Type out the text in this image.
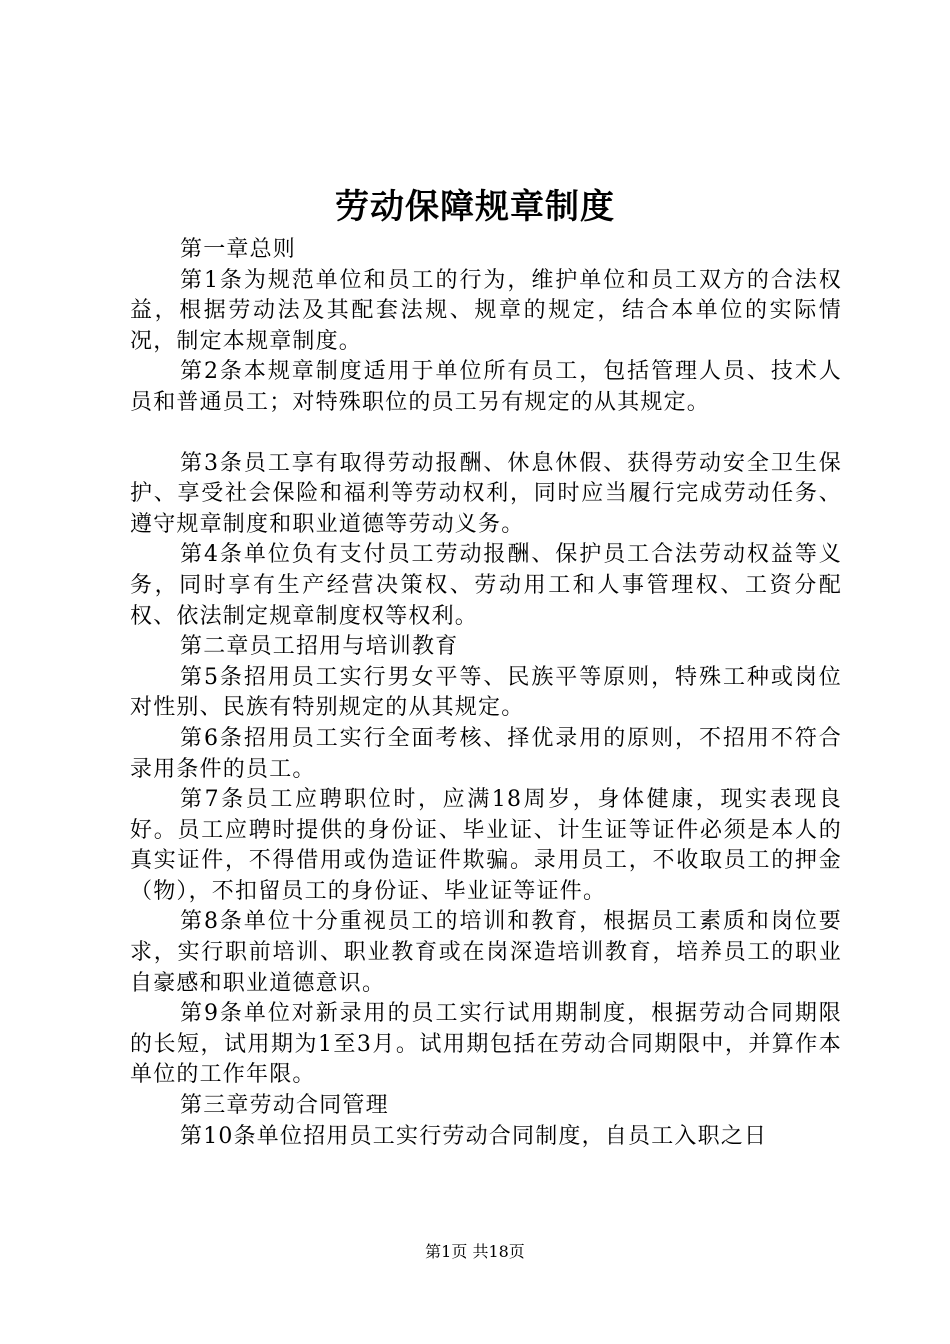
劳动保障规章制度

第一章总则

第1条为规范单位和员工的行为，维护单位和员工双方的合法权益，根据劳动法及其配套法规、规章的规定，结合本单位的实际情况，制定本规章制度。

第2条本规章制度适用于单位所有员工，包括管理人员、技术人员和普通员工；对特殊职位的员工另有规定的从其规定。

第3条员工享有取得劳动报酬、休息休假、获得劳动安全卫生保护、享受社会保险和福利等劳动权利，同时应当履行完成劳动任务、遵守规章制度和职业道德等劳动义务。

第4条单位负有支付员工劳动报酬、保护员工合法劳动权益等义务，同时享有生产经营决策权、劳动用工和人事管理权、工资分配权、依法制定规章制度权等权利。

第二章员工招用与培训教育

第5条招用员工实行男女平等、民族平等原则，特殊工种或岗位对性别、民族有特别规定的从其规定。

第6条招用员工实行全面考核、择优录用的原则，不招用不符合录用条件的员工。

第7条员工应聘职位时，应满18周岁，身体健康，现实表现良好。员工应聘时提供的身份证、毕业证、计生证等证件必须是本人的真实证件，不得借用或伪造证件欺骗。录用员工，不收取员工的押金（物），不扣留员工的身份证、毕业证等证件。

第8条单位十分重视员工的培训和教育，根据员工素质和岗位要求，实行职前培训、职业教育或在岗深造培训教育，培养员工的职业自豪感和职业道德意识。

第9条单位对新录用的员工实行试用期制度，根据劳动合同期限的长短，试用期为1至3月。试用期包括在劳动合同期限中，并算作本单位的工作年限。

第三章劳动合同管理

第10条单位招用员工实行劳动合同制度，自员工入职之日

第1页 共18页
